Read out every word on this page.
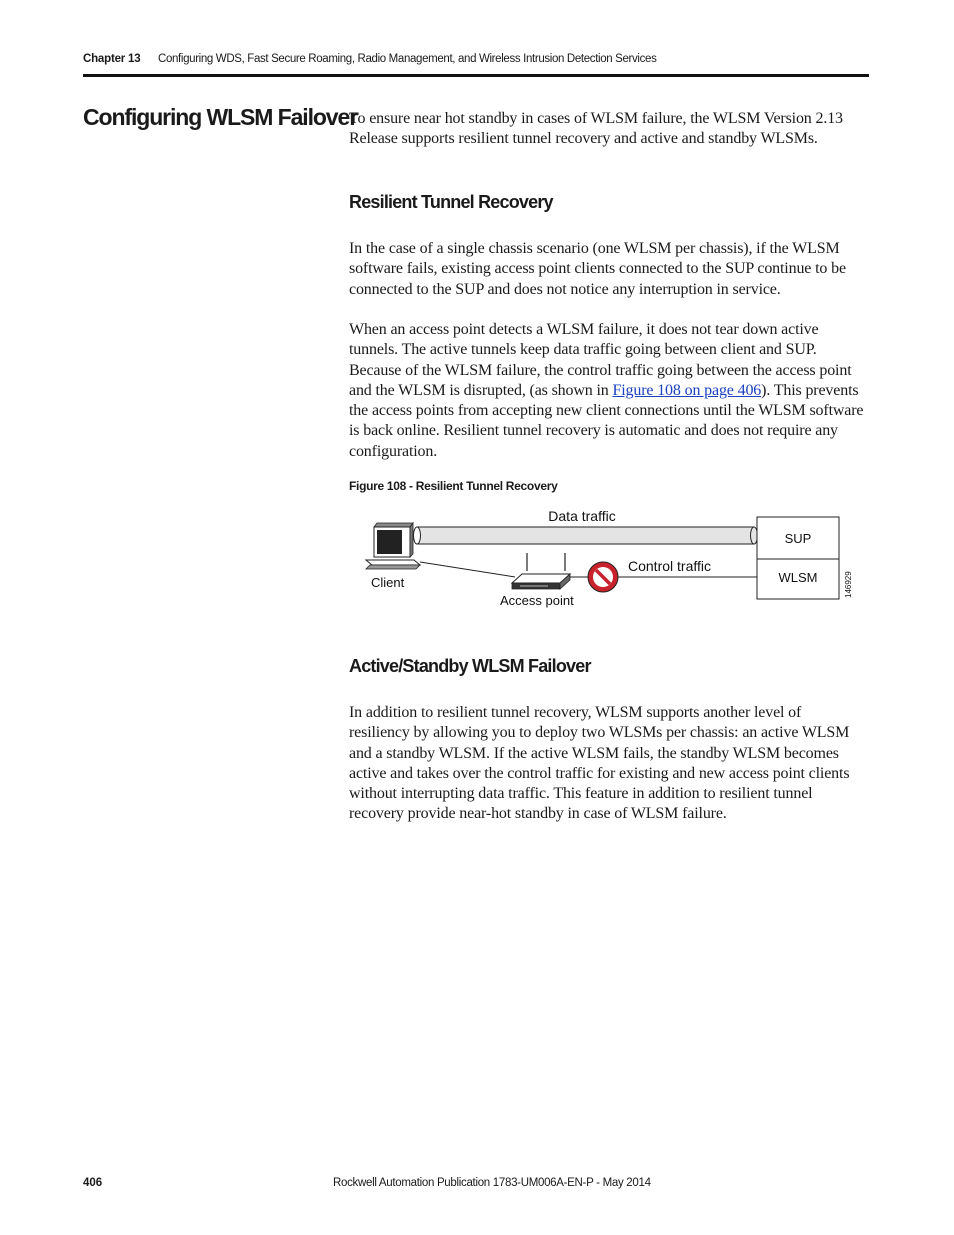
Chapter 13 Configuring WDS, Fast Secure Roaming, Radio Management, and Wireless Intrusion Detection Services
Configuring WLSM Failover

To ensure near hot standby in cases of WLSM failure, the WLSM Version 2.13 Release supports resilient tunnel recovery and active and standby WLSMs.

Resilient Tunnel Recovery

In the case of a single chassis scenario (one WLSM per chassis), if the WLSM software fails, existing access point clients connected to the SUP continue to be connected to the SUP and does not notice any interruption in service.

When an access point detects a WLSM failure, it does not tear down active tunnels. The active tunnels keep data traffic going between client and SUP. Because of the WLSM failure, the control traffic going between the access point and the WLSM is disrupted, (as shown in Figure 108 on page 406). This prevents the access points from accepting new client connections until the WLSM software is back online. Resilient tunnel recovery is automatic and does not require any configuration.

Figure 108 - Resilient Tunnel Recovery
Data traffic
Control traffic
Client
Access point
SUP
WLSM	146929
Active/Standby WLSM Failover

In addition to resilient tunnel recovery, WLSM supports another level of resiliency by allowing you to deploy two WLSMs per chassis: an active WLSM and a standby WLSM. If the active WLSM fails, the standby WLSM becomes active and takes over the control traffic for existing and new access point clients without interrupting data traffic. This feature in addition to resilient tunnel recovery provide near-hot standby in case of WLSM failure.

406	Rockwell Automation Publication 1783-UM006A-EN-P - May 2014
